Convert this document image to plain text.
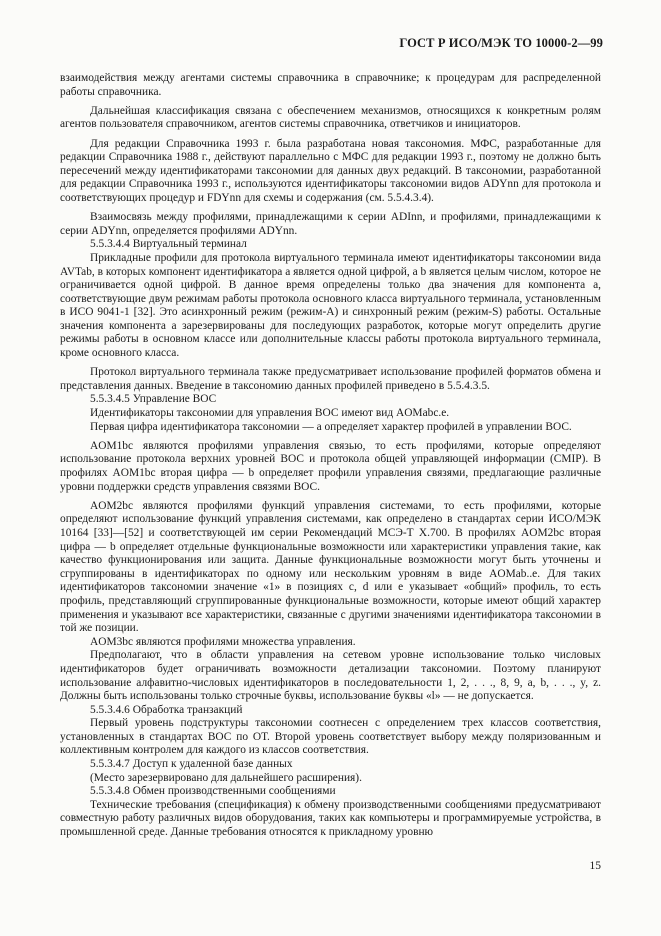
ГОСТ Р ИСО/МЭК ТО 10000-2—99

взаимодействия между агентами системы справочника в справочнике; к процедурам для распределенной работы справочника.

Дальнейшая классификация связана с обеспечением механизмов, относящихся к конкретным ролям агентов пользователя справочником, агентов системы справочника, ответчиков и инициаторов.

Для редакции Справочника 1993 г. была разработана новая таксономия. МФС, разработанные для редакции Справочника 1988 г., действуют параллельно с МФС для редакции 1993 г., поэтому не должно быть пересечений между идентификаторами таксономии для данных двух редакций. В таксономии, разработанной для редакции Справочника 1993 г., используются идентификаторы таксономии видов ADYnn для протокола и соответствующих процедур и FDYnn для схемы и содержания (см. 5.5.4.3.4).

Взаимосвязь между профилями, принадлежащими к серии ADInn, и профилями, принадлежащими к серии ADYnn, определяется профилями ADYnn.

5.5.3.4.4 Виртуальный терминал

Прикладные профили для протокола виртуального терминала имеют идентификаторы таксономии вида AVTab, в которых компонент идентификатора a является одной цифрой, а b является целым числом, которое не ограничивается одной цифрой. В данное время определены только два значения для компонента a, соответствующие двум режимам работы протокола основного класса виртуального терминала, установленным в ИСО 9041-1 [32]. Это асинхронный режим (режим-А) и синхронный режим (режим-S) работы. Остальные значения компонента a зарезервированы для последующих разработок, которые могут определить другие режимы работы в основном классе или дополнительные классы работы протокола виртуального терминала, кроме основного класса.

Протокол виртуального терминала также предусматривает использование профилей форматов обмена и представления данных. Введение в таксономию данных профилей приведено в 5.5.4.3.5.

5.5.3.4.5 Управление ВОС

Идентификаторы таксономии для управления ВОС имеют вид AOMabc.e.

Первая цифра идентификатора таксономии — a определяет характер профилей в управлении ВОС.

AOM1bc являются профилями управления связью, то есть профилями, которые определяют использование протокола верхних уровней ВОС и протокола общей управляющей информации (CMIP). В профилях AOM1bc вторая цифра — b определяет профили управления связями, предлагающие различные уровни поддержки средств управления связями ВОС.

AOM2bc являются профилями функций управления системами, то есть профилями, которые определяют использование функций управления системами, как определено в стандартах серии ИСО/МЭК 10164 [33]—[52] и соответствующей им серии Рекомендаций МСЭ-Т X.700. В профилях AOM2bc вторая цифра — b определяет отдельные функциональные возможности или характеристики управления такие, как качество функционирования или защита. Данные функциональные возможности могут быть уточнены и сгруппированы в идентификаторах по одному или нескольким уровням в виде AOMab..e. Для таких идентификаторов таксономии значение «1» в позициях c, d или e указывает «общий» профиль, то есть профиль, представляющий сгруппированные функциональные возможности, которые имеют общий характер применения и указывают все характеристики, связанные с другими значениями идентификатора таксономии в той же позиции.

AOM3bc являются профилями множества управления.

Предполагают, что в области управления на сетевом уровне использование только числовых идентификаторов будет ограничивать возможности детализации таксономии. Поэтому планируют использование алфавитно-числовых идентификаторов в последовательности 1, 2, . . ., 8, 9, a, b, . . ., y, z. Должны быть использованы только строчные буквы, использование буквы «l» — не допускается.

5.5.3.4.6 Обработка транзакций

Первый уровень подструктуры таксономии соотнесен с определением трех классов соответствия, установленных в стандартах ВОС по ОТ. Второй уровень соответствует выбору между поляризованным и коллективным контролем для каждого из классов соответствия.

5.5.3.4.7 Доступ к удаленной базе данных

(Место зарезервировано для дальнейшего расширения).

5.5.3.4.8 Обмен производственными сообщениями

Технические требования (спецификация) к обмену производственными сообщениями предусматривают совместную работу различных видов оборудования, таких как компьютеры и программируемые устройства, в промышленной среде. Данные требования относятся к прикладному уровню

15
